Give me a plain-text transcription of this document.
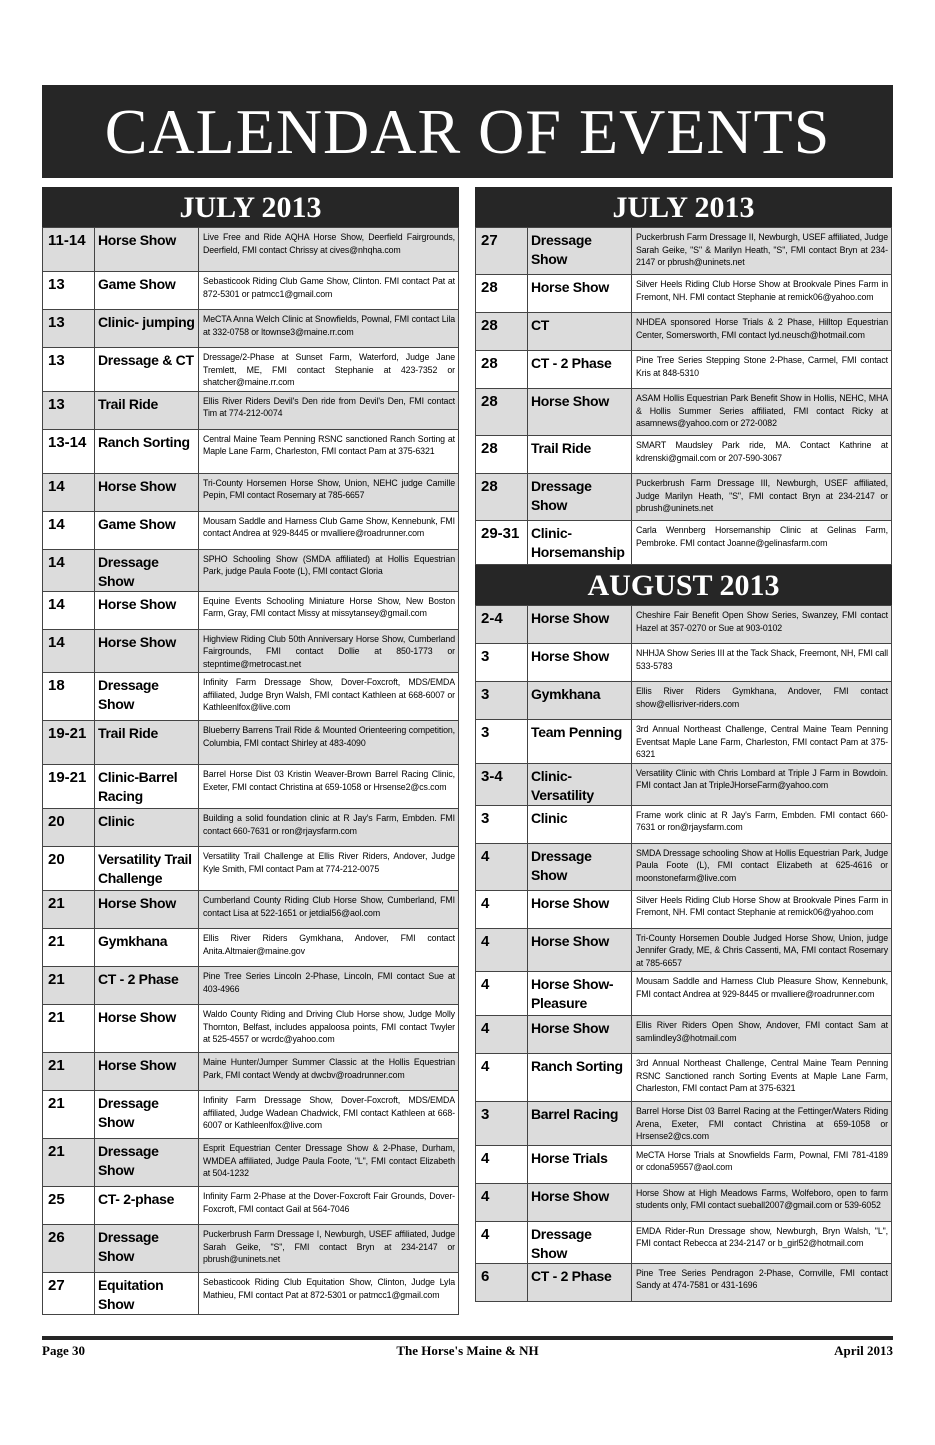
CALENDAR OF EVENTS
JULY 2013
11-14	Horse Show	Live Free and Ride AQHA Horse Show, Deerfield Fairgrounds, Deerfield, FMI contact Chrissy at cives@nhqha.com
13	Game Show	Sebasticook Riding Club Game Show, Clinton. FMI contact Pat at 872-5301 or patmcc1@gmail.com
13	Clinic- jumping	MeCTA Anna Welch Clinic at Snowfields, Pownal, FMI contact Lila at 332-0758 or ltownse3@maine.rr.com
13	Dressage & CT	Dressage/2-Phase at Sunset Farm, Waterford, Judge Jane Tremlett, ME, FMI contact Stephanie at 423-7352 or shatcher@maine.rr.com
13	Trail Ride	Ellis River Riders Devil's Den ride from Devil's Den, FMI contact Tim at 774-212-0074
13-14	Ranch Sorting	Central Maine Team Penning RSNC sanctioned Ranch Sorting at Maple Lane Farm, Charleston, FMI contact Pam at 375-6321
14	Horse Show	Tri-County Horsemen Horse Show, Union, NEHC judge Camille Pepin, FMI contact Rosemary at 785-6657
14	Game Show	Mousam Saddle and Harness Club Game Show, Kennebunk, FMI contact Andrea at 929-8445 or mvalliere@roadrunner.com
14	Dressage Show	SPHO Schooling Show (SMDA affiliated) at Hollis Equestrian Park, judge Paula Foote (L), FMI contact Gloria
14	Horse Show	Equine Events Schooling Miniature Horse Show, New Boston Farm, Gray, FMI contact Missy at missytansey@gmail.com
14	Horse Show	Highview Riding Club 50th Anniversary Horse Show, Cumberland Fairgrounds, FMI contact Dollie at 850-1773 or stepntime@metrocast.net
18	Dressage Show	Infinity Farm Dressage Show, Dover-Foxcroft, MDS/EMDA affiliated, Judge Bryn Walsh, FMI contact Kathleen at 668-6007 or Kathleenlfox@live.com
19-21	Trail Ride	Blueberry Barrens Trail Ride & Mounted Orienteering competition, Columbia, FMI contact Shirley at 483-4090
19-21	Clinic-Barrel Racing	Barrel Horse Dist 03 Kristin Weaver-Brown Barrel Racing Clinic, Exeter, FMI contact Christina at 659-1058 or Hrsense2@cs.com
20	Clinic	Building a solid foundation clinic at R Jay's Farm, Embden. FMI contact 660-7631 or ron@rjaysfarm.com
20	Versatility Trail Challenge	Versatility Trail Challenge at Ellis River Riders, Andover, Judge Kyle Smith, FMI contact Pam at 774-212-0075
21	Horse Show	Cumberland County Riding Club Horse Show, Cumberland, FMI contact Lisa at 522-1651 or jetdial56@aol.com
21	Gymkhana	Ellis River Riders Gymkhana, Andover, FMI contact Anita.Altmaier@maine.gov
21	CT - 2 Phase	Pine Tree Series Lincoln 2-Phase, Lincoln, FMI contact Sue at 403-4966
21	Horse Show	Waldo County Riding and Driving Club Horse show, Judge Molly Thornton, Belfast, includes appaloosa points, FMI contact Twyler at 525-4557 or wcrdc@yahoo.com
21	Horse Show	Maine Hunter/Jumper Summer Classic at the Hollis Equestrian Park, FMI contact Wendy at dwcbv@roadrunner.com
21	Dressage Show	Infinity Farm Dressage Show, Dover-Foxcroft, MDS/EMDA affiliated, Judge Wadean Chadwick, FMI contact Kathleen at 668-6007 or Kathleenlfox@live.com
21	Dressage Show	Esprit Equestrian Center Dressage Show & 2-Phase, Durham, WMDEA affiliated, Judge Paula Foote, "L", FMI contact Elizabeth at 504-1232
25	CT- 2-phase	Infinity Farm 2-Phase at the Dover-Foxcroft Fair Grounds, Dover-Foxcroft, FMI contact Gail at 564-7046
26	Dressage Show	Puckerbrush Farm Dressage I, Newburgh, USEF affiliated, Judge Sarah Geike, "S", FMI contact Bryn at 234-2147 or pbrush@uninets.net
27	Equitation Show	Sebasticook Riding Club Equitation Show, Clinton, Judge Lyla Mathieu, FMI contact Pat at 872-5301 or patmcc1@gmail.com
JULY 2013
27	Dressage Show	Puckerbrush Farm Dressage II, Newburgh, USEF affiliated, Judge Sarah Geike, "S" & Marilyn Heath, "S", FMI contact Bryn at 234-2147 or pbrush@uninets.net
28	Horse Show	Silver Heels Riding Club Horse Show at Brookvale Pines Farm in Fremont, NH. FMI contact Stephanie at remick06@yahoo.com
28	CT	NHDEA sponsored Horse Trials & 2 Phase, Hilltop Equestrian Center, Somersworth, FMI contact lyd.neusch@hotmail.com
28	CT - 2 Phase	Pine Tree Series Stepping Stone 2-Phase, Carmel, FMI contact Kris at 848-5310
28	Horse Show	ASAM Hollis Equestrian Park Benefit Show in Hollis, NEHC, MHA & Hollis Summer Series affiliated, FMI contact Ricky at asamnews@yahoo.com or 272-0082
28	Trail Ride	SMART Maudsley Park ride, MA. Contact Kathrine at kdrenski@gmail.com or 207-590-3067
28	Dressage Show	Puckerbrush Farm Dressage III, Newburgh, USEF affiliated, Judge Marilyn Heath, "S", FMI contact Bryn at 234-2147 or pbrush@uninets.net
29-31	Clinic- Horsemanship	Carla Wennberg Horsemanship Clinic at Gelinas Farm, Pembroke. FMI contact Joanne@gelinasfarm.com
AUGUST 2013
2-4	Horse Show	Cheshire Fair Benefit Open Show Series, Swanzey, FMI contact Hazel at 357-0270 or Sue at 903-0102
3	Horse Show	NHHJA Show Series III at the Tack Shack, Freemont, NH, FMI call 533-5783
3	Gymkhana	Ellis River Riders Gymkhana, Andover, FMI contact show@ellisriver-riders.com
3	Team Penning	3rd Annual Northeast Challenge, Central Maine Team Penning Eventsat Maple Lane Farm, Charleston, FMI contact Pam at 375-6321
3-4	Clinic- Versatility	Versatility Clinic with Chris Lombard at Triple J Farm in Bowdoin. FMI contact Jan at TripleJHorseFarm@yahoo.com
3	Clinic	Frame work clinic at R Jay's Farm, Embden. FMI contact 660-7631 or ron@rjaysfarm.com
4	Dressage Show	SMDA Dressage schooling Show at Hollis Equestrian Park, Judge Paula Foote (L), FMI contact Elizabeth at 625-4616 or moonstonefarm@live.com
4	Horse Show	Silver Heels Riding Club Horse Show at Brookvale Pines Farm in Fremont, NH. FMI contact Stephanie at remick06@yahoo.com
4	Horse Show	Tri-County Horsemen Double Judged Horse Show, Union, judge Jennifer Grady, ME, & Chris Cassenti, MA, FMI contact Rosemary at 785-6657
4	Horse Show-Pleasure	Mousam Saddle and Harness Club Pleasure Show, Kennebunk, FMI contact Andrea at 929-8445 or mvalliere@roadrunner.com
4	Horse Show	Ellis River Riders Open Show, Andover, FMI contact Sam at samlindley3@hotmail.com
4	Ranch Sorting	3rd Annual Northeast Challenge, Central Maine Team Penning RSNC Sanctioned ranch Sorting Events at Maple Lane Farm, Charleston, FMI contact Pam at 375-6321
3	Barrel Racing	Barrel Horse Dist 03 Barrel Racing at the Fettinger/Waters Riding Arena, Exeter, FMI contact Christina at 659-1058 or Hrsense2@cs.com
4	Horse Trials	MeCTA Horse Trials at Snowfields Farm, Pownal, FMI 781-4189 or cdona59557@aol.com
4	Horse Show	Horse Show at High Meadows Farms, Wolfeboro, open to farm students only, FMI contact sueball2007@gmail.com or 539-6052
4	Dressage Show	EMDA Rider-Run Dressage show, Newburgh, Bryn Walsh, "L", FMI contact Rebecca at 234-2147 or b_girl52@hotmail.com
6	CT - 2 Phase	Pine Tree Series Pendragon 2-Phase, Cornville, FMI contact Sandy at 474-7581 or 431-1696
Page 30	The Horse's Maine & NH	April 2013
